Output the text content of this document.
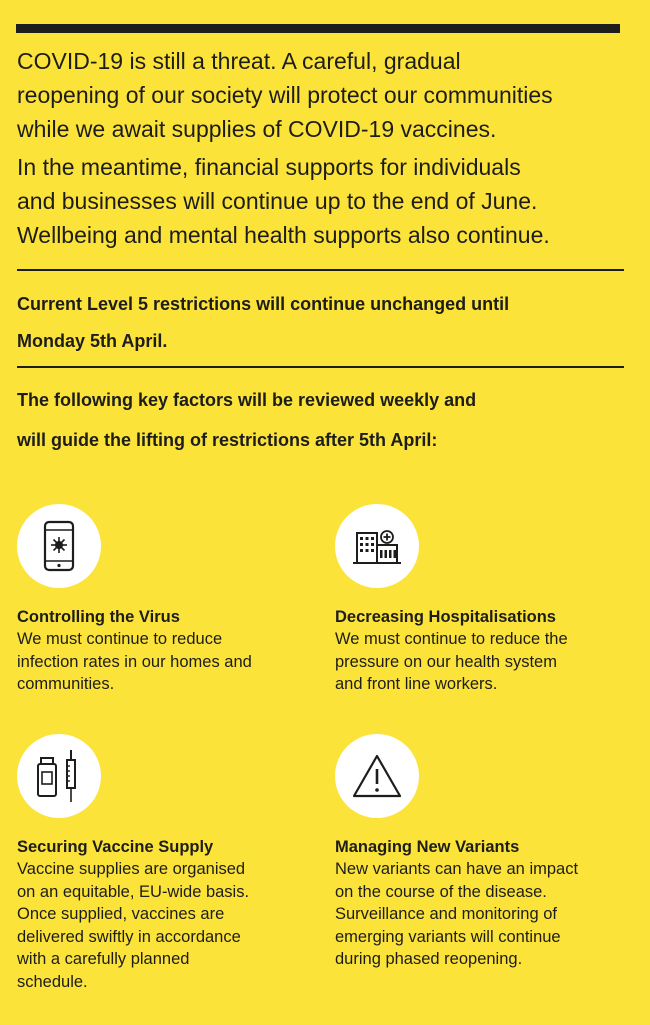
COVID-19 is still a threat. A careful, gradual
reopening of our society will protect our communities
while we await supplies of COVID-19 vaccines.

In the meantime, financial supports for individuals
and businesses will continue up to the end of June.
Wellbeing and mental health supports also continue.

Current Level 5 restrictions will continue unchanged until
Monday 5th April.
The following key factors will be reviewed weekly and
will guide the lifting of restrictions after 5th April:
Controlling the Virus
We must continue to reduce
infection rates in our homes and
communities.
Decreasing Hospitalisations
We must continue to reduce the
pressure on our health system
and front line workers.
Securing Vaccine Supply
Vaccine supplies are organised
on an equitable, EU-wide basis.
Once supplied, vaccines are
delivered swiftly in accordance
with a carefully planned
schedule.
Managing New Variants
New variants can have an impact
on the course of the disease.
Surveillance and monitoring of
emerging variants will continue
during phased reopening.
